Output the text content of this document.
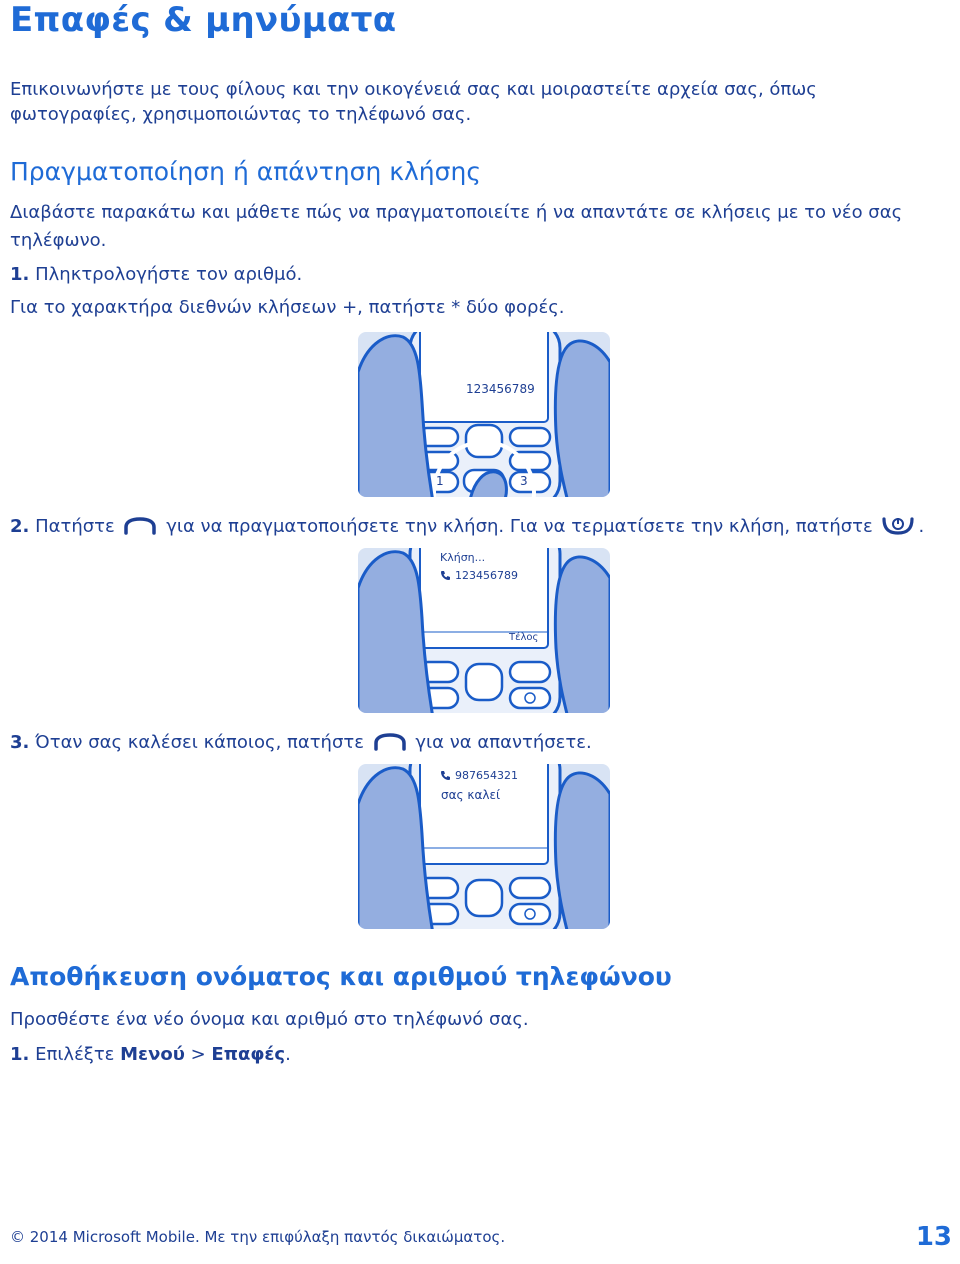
Επαφές & μηνύματα

Επικοινωνήστε με τους φίλους και την οικογένειά σας και μοιραστείτε αρχεία σας, όπως

φωτογραφίες, χρησιμοποιώντας το τηλέφωνό σας.

Πραγματοποίηση ή απάντηση κλήσης

Διαβάστε παρακάτω και μάθετε πώς να πραγματοποιείτε ή να απαντάτε σε κλήσεις με το νέο σας

τηλέφωνο.

1. Πληκτρολογήστε τον αριθμό.

Για το χαρακτήρα διεθνών κλήσεων +, πατήστε * δύο φορές.

123456789
1	3

2. Πατήστε	για να πραγματοποιήσετε την κλήση. Για να τερματίσετε την κλήση, πατήστε	.

Κλήση...
123456789
Τέλος

3. Όταν σας καλέσει κάποιος, πατήστε	για να απαντήσετε.

987654321
σας καλεί
Αποθήκευση ονόματος και αριθμού τηλεφώνου

Προσθέστε ένα νέο όνομα και αριθμό στο τηλέφωνό σας.

1. Επιλέξτε Μενού > Επαφές.

© 2014 Microsoft Mobile. Με την επιφύλαξη παντός δικαιώματος.	13
